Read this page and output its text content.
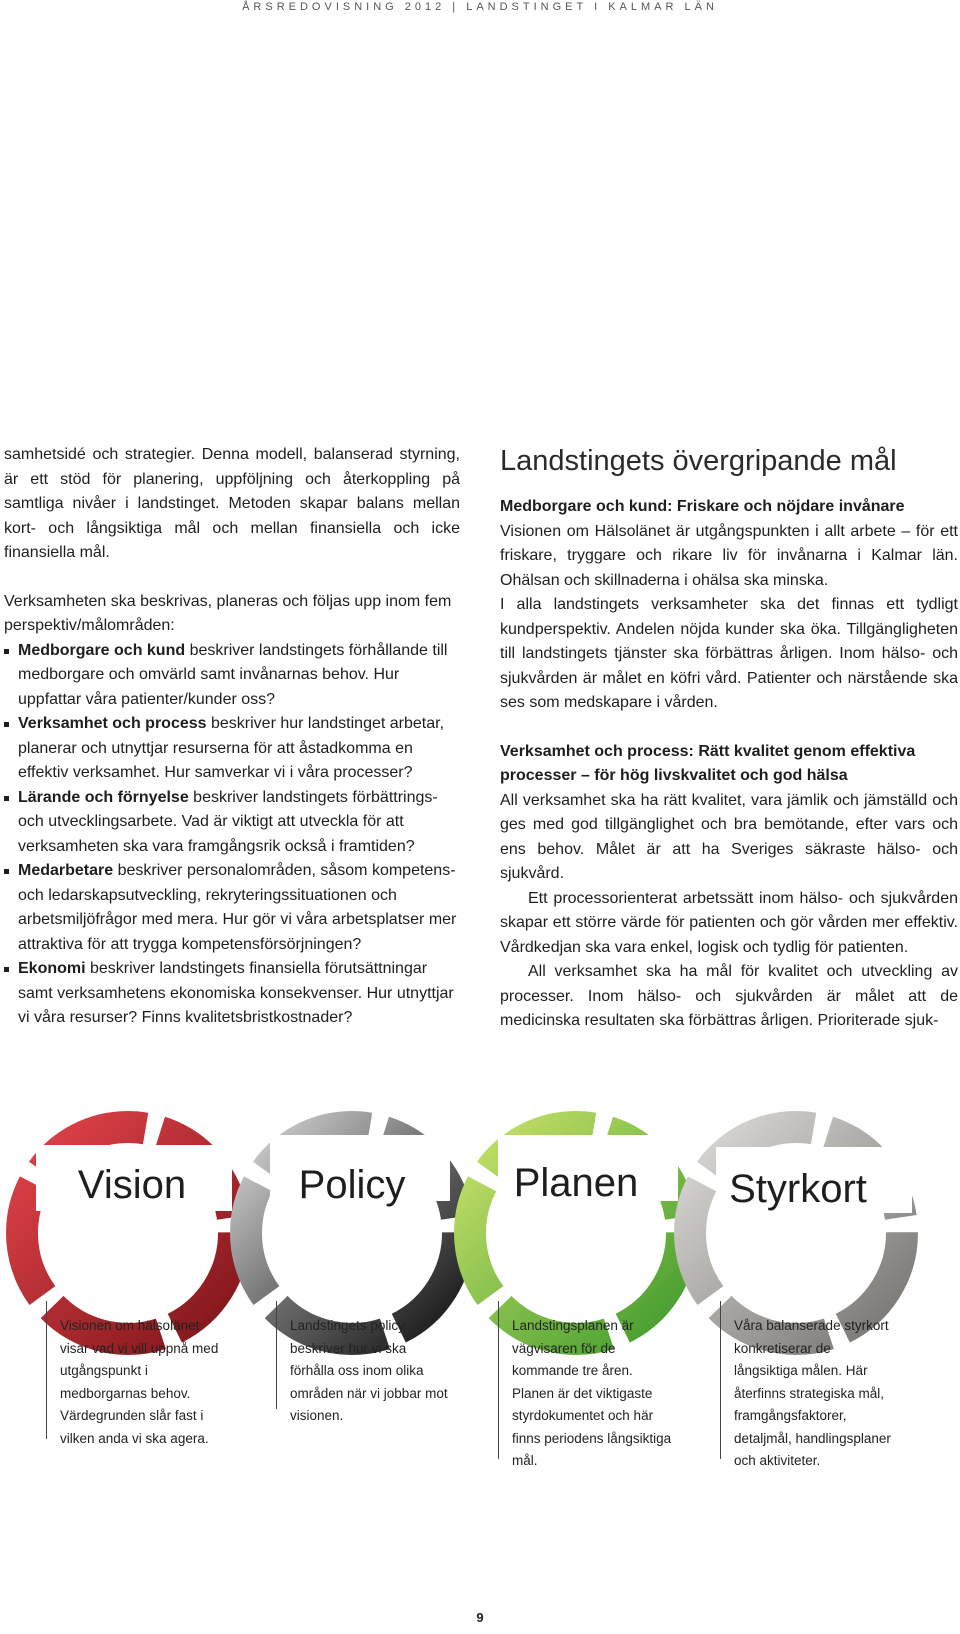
ÅRSREDOVISNING 2012 | LANDSTINGET I KALMAR LÄN

samhetsidé och strategier. Denna modell, balanserad styrning, är ett stöd för planering, uppföljning och återkoppling på samtliga nivåer i landstinget. Metoden skapar balans mellan kort- och långsiktiga mål och mellan finansiella och icke finansiella mål.

Verksamheten ska beskrivas, planeras och följas upp inom fem perspektiv/målområden:

Medborgare och kund beskriver landstingets förhållande till medborgare och omvärld samt invånarnas behov. Hur uppfattar våra patienter/kunder oss?
Verksamhet och process beskriver hur landstinget arbetar, planerar och utnyttjar resurserna för att åstadkomma en effektiv verksamhet. Hur samverkar vi i våra processer?
Lärande och förnyelse beskriver landstingets förbättrings- och utvecklingsarbete. Vad är viktigt att utveckla för att verksamheten ska vara framgångsrik också i framtiden?
Medarbetare beskriver personalområden, såsom kompetens- och ledarskapsutveckling, rekryteringssituationen och arbetsmiljöfrågor med mera. Hur gör vi våra arbetsplatser mer attraktiva för att trygga kompetensförsörjningen?
Ekonomi beskriver landstingets finansiella förutsättningar samt verksamhetens ekonomiska konsekvenser. Hur utnyttjar vi våra resurser? Finns kvalitetsbristkostnader?
Landstingets övergripande mål

Medborgare och kund: Friskare och nöjdare invånare

Visionen om Hälsolänet är utgångspunkten i allt arbete – för ett friskare, tryggare och rikare liv för invånarna i Kalmar län. Ohälsan och skillnaderna i ohälsa ska minska.

I alla landstingets verksamheter ska det finnas ett tydligt kundperspektiv. Andelen nöjda kunder ska öka. Tillgängligheten till landstingets tjänster ska förbättras årligen. Inom hälso- och sjukvården är målet en köfri vård. Patienter och närstående ska ses som medskapare i vården.

Verksamhet och process: Rätt kvalitet genom effektiva processer – för hög livskvalitet och god hälsa

All verksamhet ska ha rätt kvalitet, vara jämlik och jämställd och ges med god tillgänglighet och bra bemötande, efter vars och ens behov. Målet är att ha Sveriges säkraste hälso- och sjukvård.

Ett processorienterat arbetssätt inom hälso- och sjukvården skapar ett större värde för patienten och gör vården mer effektiv. Vårdkedjan ska vara enkel, logisk och tydlig för patienten.

All verksamhet ska ha mål för kvalitet och utveckling av processer. Inom hälso- och sjukvården är målet att de medicinska resultaten ska förbättras årligen. Prioriterade sjuk-

Vision	Policy	Planen Styrkort
Visionen om hälsolänet visar vad vi vill uppnå med utgångspunkt i medborgarnas behov. Värdegrunden slår fast i vilken anda vi ska agera.
Landstingets policy beskriver hur vi ska förhålla oss inom olika områden när vi jobbar mot visionen.
Landstingsplanen är vägvisaren för de kommande tre åren. Planen är det viktigaste styrdokumentet och här finns periodens långsiktiga mål.
Våra balanserade styrkort konkretiserar de långsiktiga målen. Här återfinns strategiska mål, framgångsfaktorer, detaljmål, handlingsplaner och aktiviteter.
9
